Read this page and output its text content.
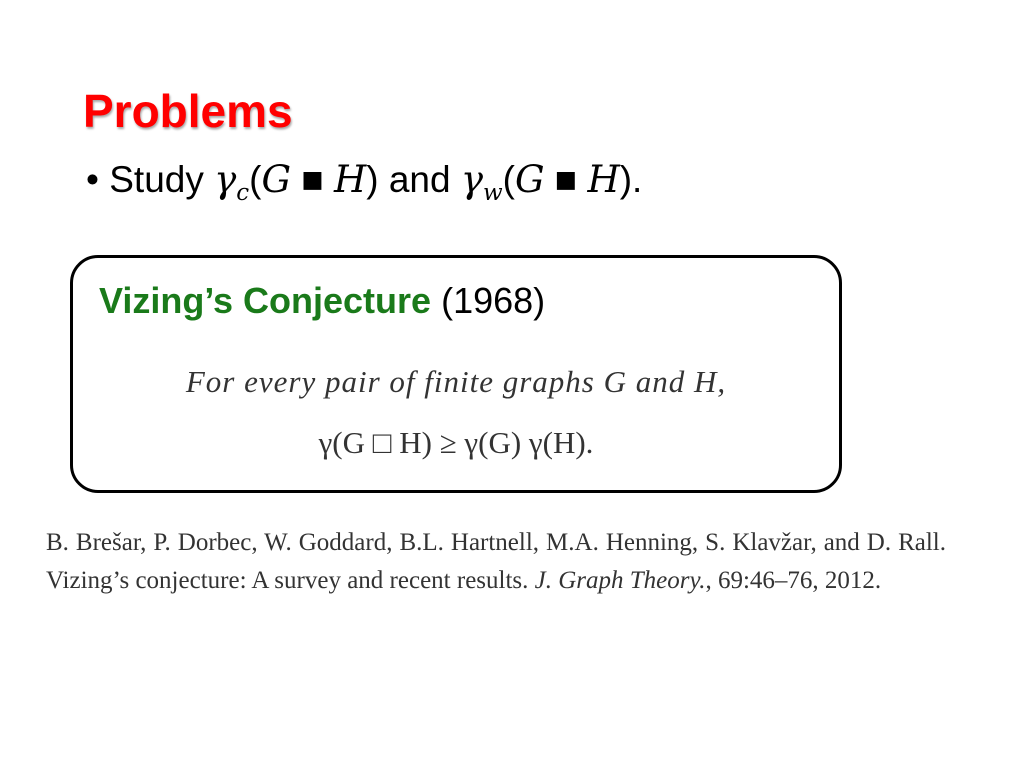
Problems
• Study $\gamma_c(G$ ■ H) and $\gamma_w(G$ ■ H).
Vizing’s Conjecture (1968)
For every pair of finite graphs G and H,
γ(G □ H) ≥ γ(G) γ(H).
B. Brešar, P. Dorbec, W. Goddard, B.L. Hartnell, M.A. Henning, S. Klavžar, and D. Rall. Vizing’s conjecture: A survey and recent results. J. Graph Theory., 69:46–76, 2012.
